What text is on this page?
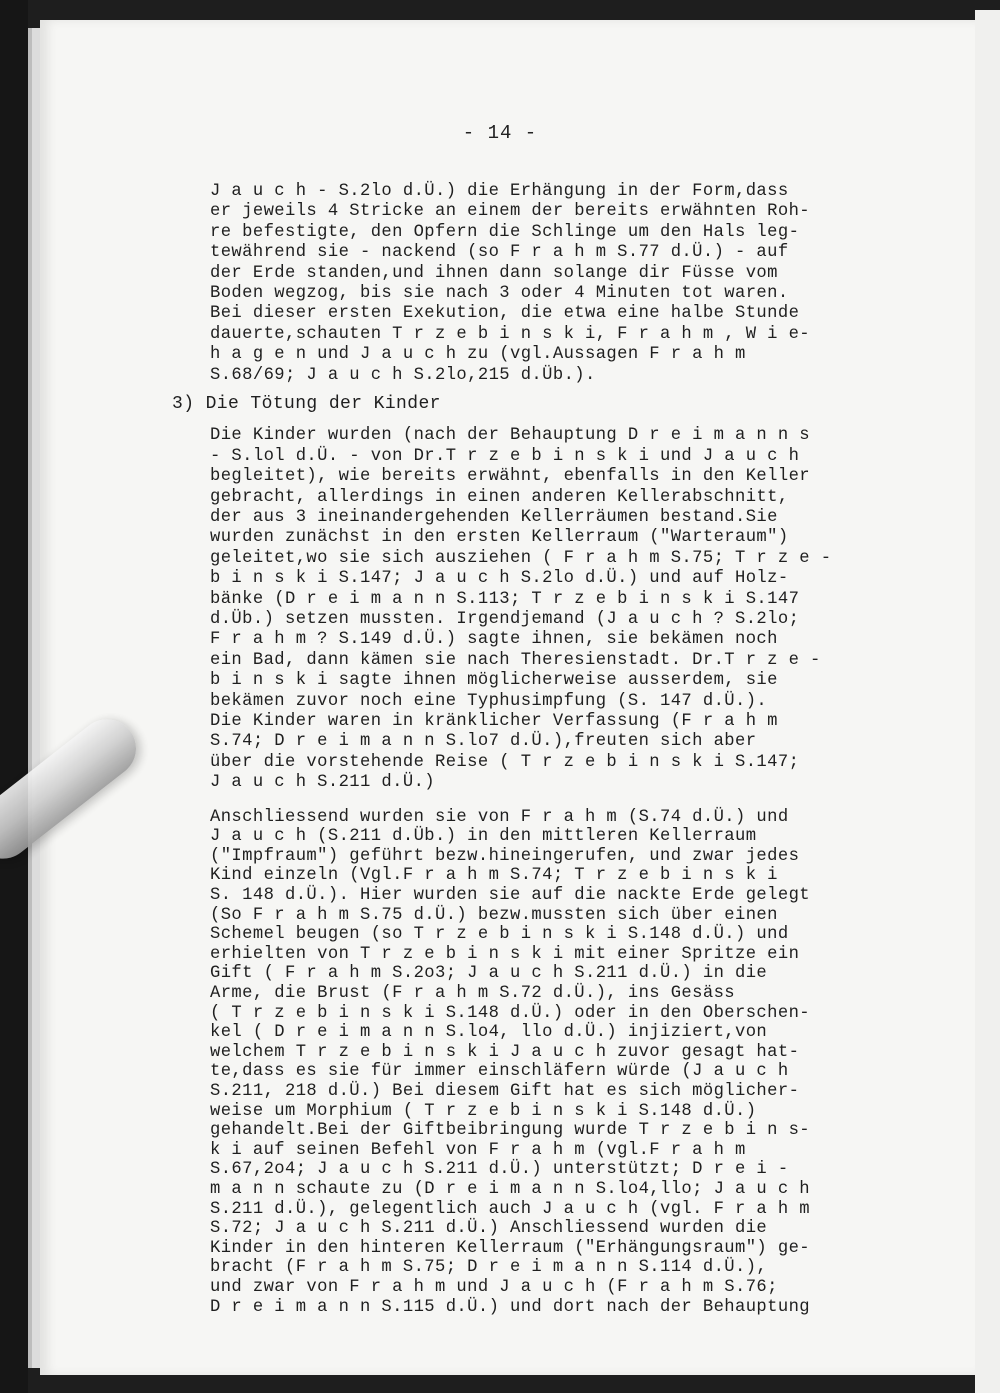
- 14 -
J a u c h - S.2lo d.Ü.) die Erhängung in der Form,dass
er jeweils 4 Stricke an einem der bereits erwähnten Roh-
re befestigte, den Opfern die Schlinge um den Hals leg-
tewährend sie - nackend (so F r a h m S.77 d.Ü.) - auf
der Erde standen,und ihnen dann solange dir Füsse vom
Boden wegzog, bis sie nach 3 oder 4 Minuten tot waren.
Bei dieser ersten Exekution, die etwa eine halbe Stunde
dauerte,schauten T r z e b i n s k i, F r a h m , W i e-
h a g e n und J a u c h zu (vgl.Aussagen F r a h m
S.68/69; J a u c h S.2lo,215 d.Üb.).
3) Die Tötung der Kinder
Die Kinder wurden (nach der Behauptung D r e i m a n n s
- S.lol d.Ü. - von Dr.T r z e b i n s k i und J a u c h
begleitet), wie bereits erwähnt, ebenfalls in den Keller
gebracht, allerdings in einen anderen Kellerabschnitt,
der aus 3 ineinandergehenden Kellerräumen bestand.Sie
wurden zunächst in den ersten Kellerraum ("Warteraum")
geleitet,wo sie sich ausziehen ( F r a h m S.75; T r z e -
b i n s k i S.147; J a u c h S.2lo d.Ü.) und auf Holz-
bänke (D r e i m a n n S.113; T r z e b i n s k i S.147
d.Üb.) setzen mussten. Irgendjemand (J a u c h ? S.2lo;
F r a h m ? S.149 d.Ü.) sagte ihnen, sie bekämen noch
ein Bad, dann kämen sie nach Theresienstadt. Dr.T r z e -
b i n s k i sagte ihnen möglicherweise ausserdem, sie
bekämen zuvor noch eine Typhusimpfung (S. 147 d.Ü.).
Die Kinder waren in kränklicher Verfassung (F r a h m
S.74; D r e i m a n n S.lo7 d.Ü.),freuten sich aber
über die vorstehende Reise ( T r z e b i n s k i S.147;
J a u c h S.211 d.Ü.)
Anschliessend wurden sie von F r a h m (S.74 d.Ü.) und
J a u c h (S.211 d.Üb.) in den mittleren Kellerraum
("Impfraum") geführt bezw.hineingerufen, und zwar jedes
Kind einzeln (Vgl.F r a h m S.74; T r z e b i n s k i
S. 148 d.Ü.). Hier wurden sie auf die nackte Erde gelegt
(So F r a h m S.75 d.Ü.) bezw.mussten sich über einen
Schemel beugen (so T r z e b i n s k i S.148 d.Ü.) und
erhielten von T r z e b i n s k i mit einer Spritze ein
Gift ( F r a h m S.2o3; J a u c h S.211 d.Ü.) in die
Arme, die Brust (F r a h m S.72 d.Ü.), ins Gesäss
( T r z e b i n s k i S.148 d.Ü.) oder in den Oberschen-
kel ( D r e i m a n n S.lo4, llo d.Ü.) injiziert,von
welchem T r z e b i n s k i J a u c h zuvor gesagt hat-
te,dass es sie für immer einschläfern würde (J a u c h
S.211, 218 d.Ü.) Bei diesem Gift hat es sich möglicher-
weise um Morphium ( T r z e b i n s k i S.148 d.Ü.)
gehandelt.Bei der Giftbeibringung wurde T r z e b i n s-
k i auf seinen Befehl von F r a h m (vgl.F r a h m
S.67,2o4; J a u c h S.211 d.Ü.) unterstützt; D r e i -
m a n n schaute zu (D r e i m a n n S.lo4,llo; J a u c h
S.211 d.Ü.), gelegentlich auch J a u c h (vgl. F r a h m
S.72; J a u c h S.211 d.Ü.) Anschliessend wurden die
Kinder in den hinteren Kellerraum ("Erhängungsraum") ge-
bracht (F r a h m S.75; D r e i m a n n S.114 d.Ü.),
und zwar von F r a h m und J a u c h (F r a h m S.76;
D r e i m a n n S.115 d.Ü.) und dort nach der Behauptung
